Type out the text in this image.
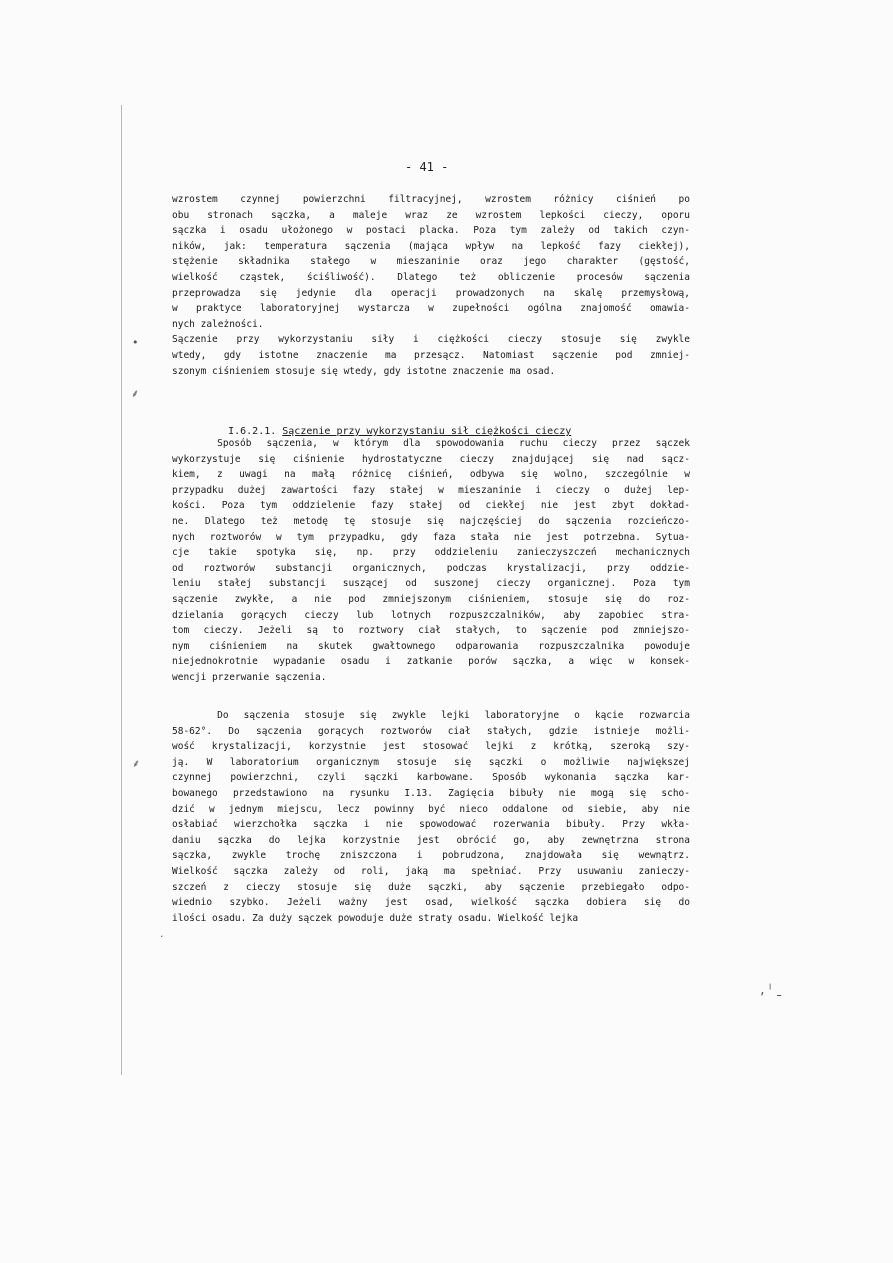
- 41 -
wzrostem czynnej powierzchni filtracyjnej, wzrostem różnicy ciśnień po
obu stronach sączka, a maleje wraz ze wzrostem lepkości cieczy, oporu
sączka i osadu ułożonego w postaci placka. Poza tym zależy od takich czyn-
ników, jak: temperatura sączenia (mająca wpływ na lepkość fazy ciekłej),
stężenie składnika stałego w mieszaninie oraz jego charakter (gęstość,
wielkość cząstek, ściśliwość). Dlatego też obliczenie procesów sączenia
przeprowadza się jedynie dla operacji prowadzonych na skalę przemysłową,
w praktyce laboratoryjnej wystarcza w zupełności ogólna znajomość omawia-
nych zależności.
Sączenie przy wykorzystaniu siły i ciężkości cieczy stosuje się zwykle
wtedy, gdy istotne znaczenie ma przesącz. Natomiast sączenie pod zmniej-
szonym ciśnieniem stosuje się wtedy, gdy istotne znaczenie ma osad.

I.6.2.1. Sączenie przy wykorzystaniu sił ciężkości cieczy

Sposób sączenia, w którym dla spowodowania ruchu cieczy przez sączek
wykorzystuje się ciśnienie hydrostatyczne cieczy znajdującej się nad sącz-
kiem, z uwagi na małą różnicę ciśnień, odbywa się wolno, szczególnie w
przypadku dużej zawartości fazy stałej w mieszaninie i cieczy o dużej lep-
kości. Poza tym oddzielenie fazy stałej od ciekłej nie jest zbyt dokład-
ne. Dlatego też metodę tę stosuje się najczęściej do sączenia rozcieńczo-
nych roztworów w tym przypadku, gdy faza stała nie jest potrzebna. Sytua-
cje takie spotyka się, np. przy oddzieleniu zanieczyszczeń mechanicznych
od roztworów substancji organicznych, podczas krystalizacji, przy oddzie-
leniu stałej substancji suszącej od suszonej cieczy organicznej. Poza tym
sączenie zwykłe, a nie pod zmniejszonym ciśnieniem, stosuje się do roz-
dzielania gorących cieczy lub lotnych rozpuszczalników, aby zapobiec stra-
tom cieczy. Jeżeli są to roztwory ciał stałych, to sączenie pod zmniejszo-
nym ciśnieniem na skutek gwałtownego odparowania rozpuszczalnika powoduje
niejednokrotnie wypadanie osadu i zatkanie porów sączka, a więc w konsek-
wencji przerwanie sączenia.
Do sączenia stosuje się zwykle lejki laboratoryjne o kącie rozwarcia
58-62°. Do sączenia gorących roztworów ciał stałych, gdzie istnieje możli-
wość krystalizacji, korzystnie jest stosować lejki z krótką, szeroką szy-
ją. W laboratorium organicznym stosuje się sączki o możliwie największej
czynnej powierzchni, czyli sączki karbowane. Sposób wykonania sączka kar-
bowanego przedstawiono na rysunku I.13. Zagięcia bibuły nie mogą się scho-
dzić w jednym miejscu, lecz powinny być nieco oddalone od siebie, aby nie
osłabiać wierzchołka sączka i nie spowodować rozerwania bibuły. Przy wkła-
daniu sączka do lejka korzystnie jest obrócić go, aby zewnętrzna strona
sączka, zwykle trochę zniszczona i pobrudzona, znajdowała się wewnątrz.
Wielkość sączka zależy od roli, jaką ma spełniać. Przy usuwaniu zanieczy-
szczeń z cieczy stosuje się duże sączki, aby sączenie przebiegało odpo-
wiednio szybko. Jeżeli ważny jest osad, wielkość sączka dobiera się do
ilości osadu. Za duży sączek powoduje duże straty osadu. Wielkość lejka
•
⸙
⸙
·
‚ ˡ ˍ
